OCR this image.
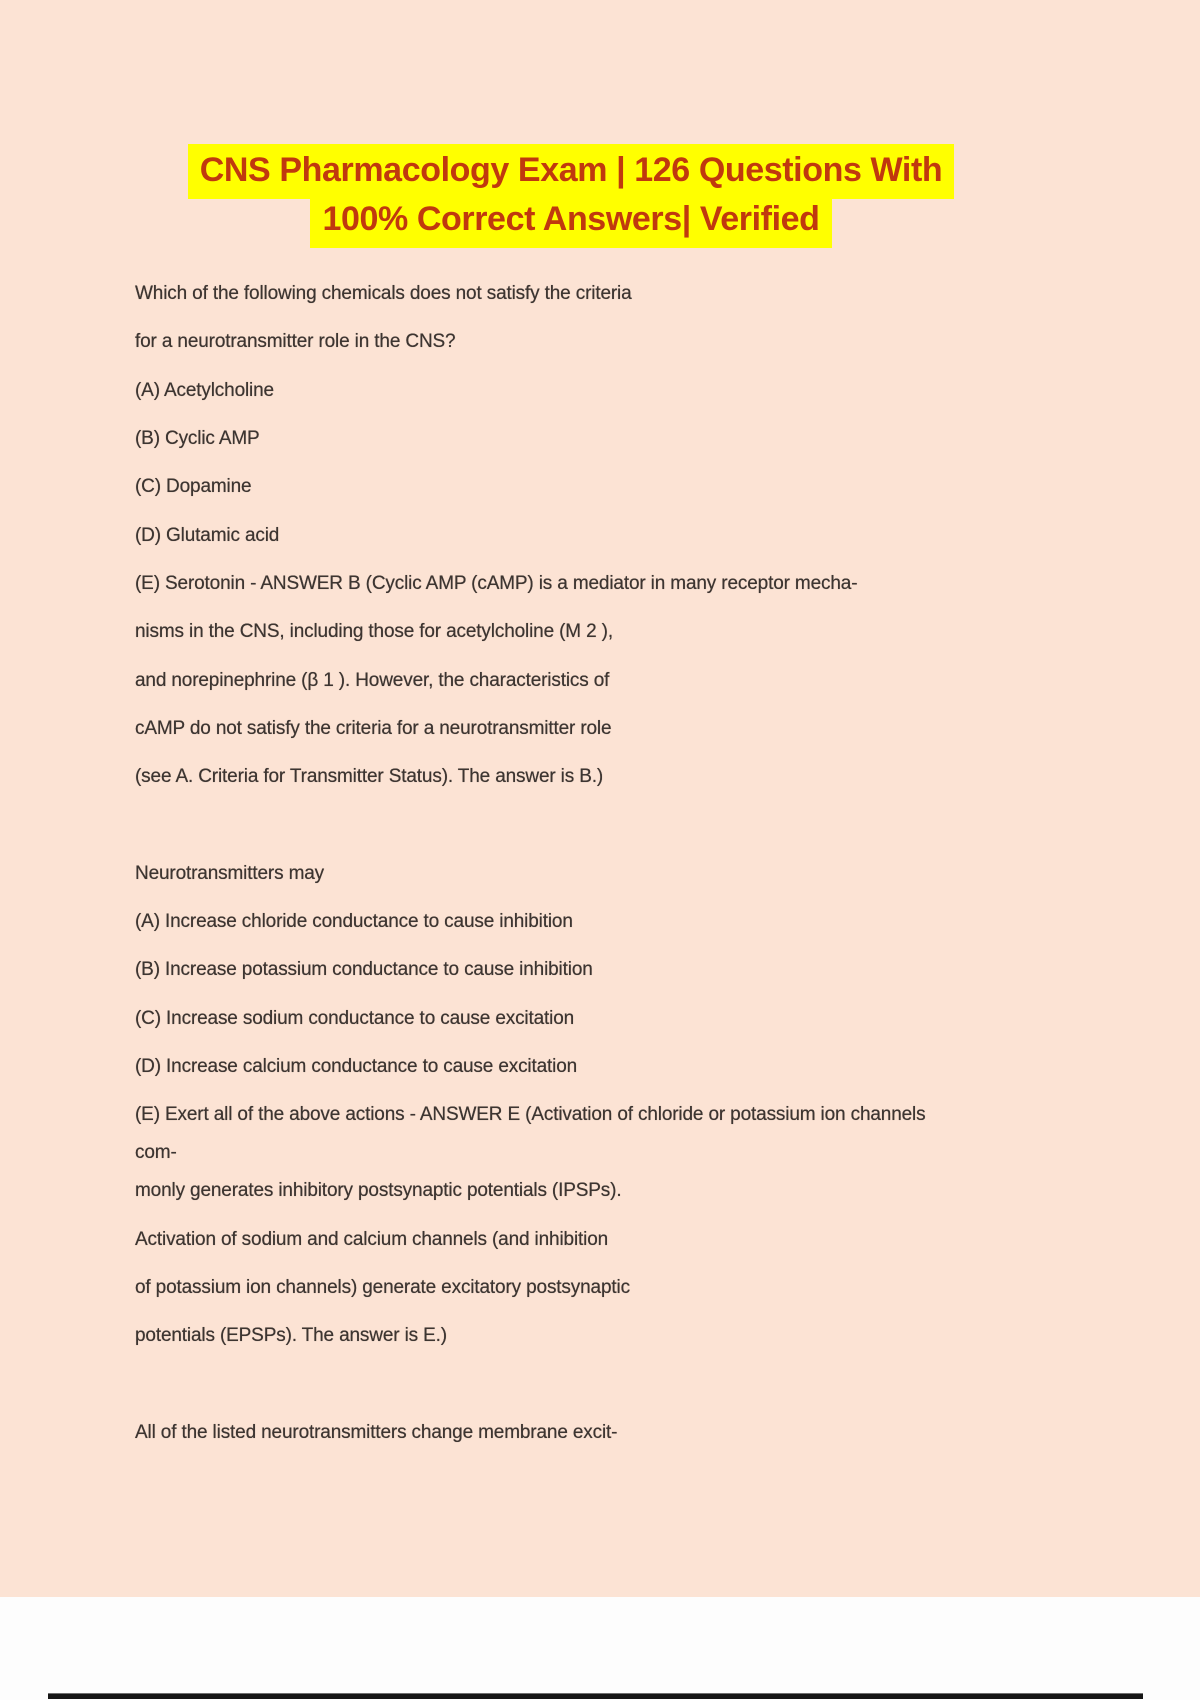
CNS Pharmacology Exam | 126 Questions With
100% Correct Answers| Verified
Which of the following chemicals does not satisfy the criteria
for a neurotransmitter role in the CNS?
(A) Acetylcholine
(B) Cyclic AMP
(C) Dopamine
(D) Glutamic acid
(E) Serotonin - ANSWER B (Cyclic AMP (cAMP) is a mediator in many receptor mecha-
nisms in the CNS, including those for acetylcholine (M 2 ),
and norepinephrine (β 1 ). However, the characteristics of
cAMP do not satisfy the criteria for a neurotransmitter role
(see A. Criteria for Transmitter Status). The answer is B.)
Neurotransmitters may
(A) Increase chloride conductance to cause inhibition
(B) Increase potassium conductance to cause inhibition
(C) Increase sodium conductance to cause excitation
(D) Increase calcium conductance to cause excitation
(E) Exert all of the above actions - ANSWER E (Activation of chloride or potassium ion channels
com-
monly generates inhibitory postsynaptic potentials (IPSPs).
Activation of sodium and calcium channels (and inhibition
of potassium ion channels) generate excitatory postsynaptic
potentials (EPSPs). The answer is E.)
All of the listed neurotransmitters change membrane excit-
